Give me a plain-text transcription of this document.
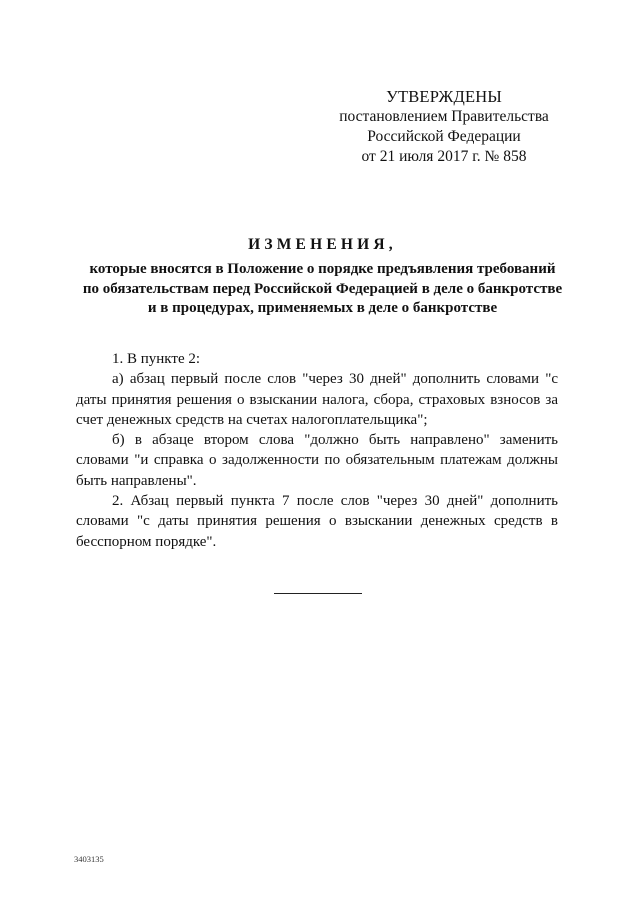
УТВЕРЖДЕНЫ
постановлением Правительства
Российской Федерации
от 21 июля 2017 г. № 858
ИЗМЕНЕНИЯ,
которые вносятся в Положение о порядке предъявления требований
по обязательствам перед Российской Федерацией в деле о банкротстве
и в процедурах, применяемых в деле о банкротстве

1. В пункте 2:

а) абзац первый после слов "через 30 дней" дополнить словами "с даты принятия решения о взыскании налога, сбора, страховых взносов за счет денежных средств на счетах налогоплательщика";

б) в абзаце втором слова "должно быть направлено" заменить словами "и справка о задолженности по обязательным платежам должны быть направлены".

2. Абзац первый пункта 7 после слов "через 30 дней" дополнить словами "с даты принятия решения о взыскании денежных средств в бесспорном порядке".

3403135
